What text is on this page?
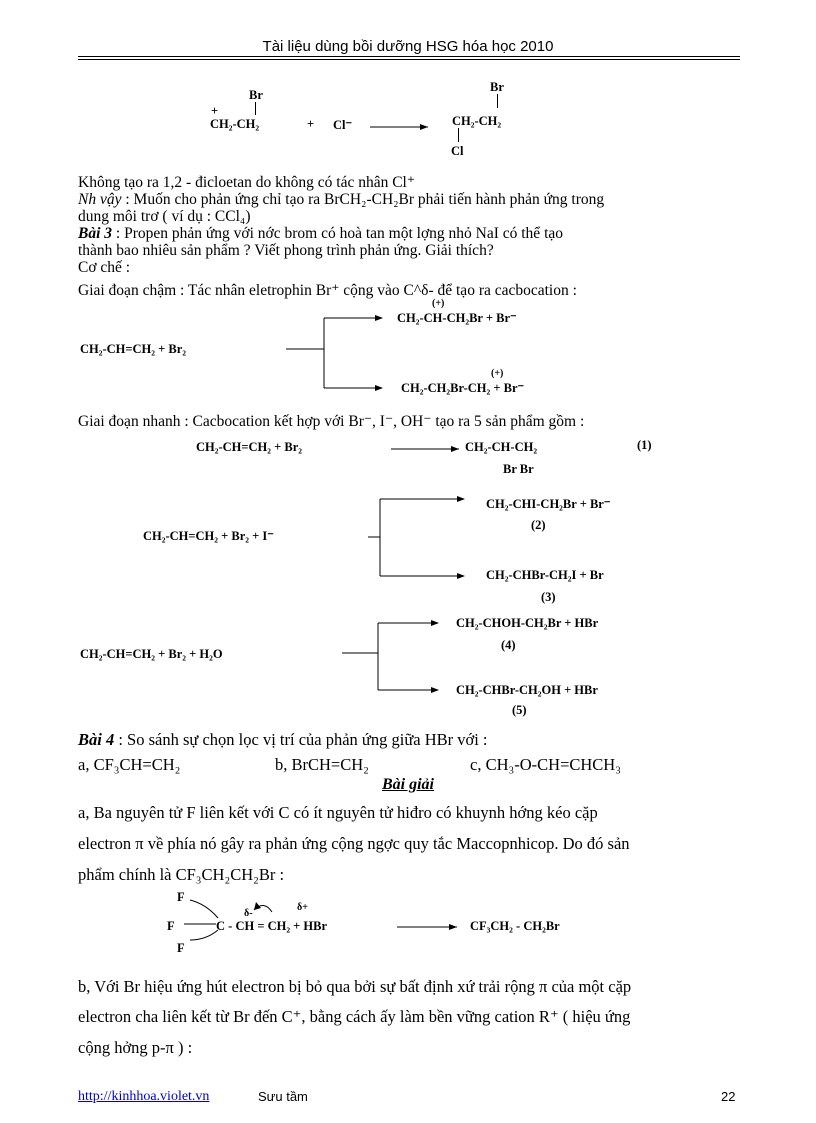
Tài liệu dùng bồi dưỡng HSG hóa học 2010
Br
+
CH₂-CH₂	+ Cl⁻
Br
CH₂-CH₂
Cl
Không tạo ra 1,2 - đicloetan do không có tác nhân Cl⁺
Nh vậy : Muốn cho phản ứng chỉ tạo ra BrCH₂-CH₂Br phải tiến hành phản ứng trong
dung môi trơ ( ví dụ : CCl₄)
Bài 3 : Propen phản ứng với nớc brom có hoà tan một lợng nhỏ NaI có thể tạo
thành bao nhiêu sản phẩm ? Viết phong trình phản ứng. Giải thích?
Cơ chế :
Giai đoạn chậm : Tác nhân eletrophin Br⁺ cộng vào C^δ- để tạo ra cacbocation :
CH₂-CH=CH₂ + Br₂
(+)
CH₂-CH-CH₂Br + Br⁻
(+)
CH₂-CH₂Br-CH₂ + Br⁻
Giai đoạn nhanh : Cacbocation kết hợp với Br⁻, I⁻, OH⁻ tạo ra 5 sản phẩm gồm :
CH₂-CH=CH₂ + Br₂	CH₂-CH-CH₂
Br Br
(1)
CH₂-CH=CH₂ + Br₂ + I⁻
CH₂-CHI-CH₂Br + Br⁻
(2)
CH₂-CHBr-CH₂I + Br
(3)
CH₂-CH=CH₂ + Br₂ + H₂O
CH₂-CHOH-CH₂Br + HBr
(4)
CH₂-CHBr-CH₂OH + HBr
(5)
Bài 4 : So sánh sự chọn lọc vị trí của phản ứng giữa HBr với :
a, CF₃CH=CH₂	b, BrCH=CH₂	c, CH₃-O-CH=CHCH₃
Bài giải
a, Ba nguyên tử F liên kết với C có ít nguyên tử hiđro có khuynh hớng kéo cặp
electron π về phía nó gây ra phản ứng cộng ngợc quy tắc Maccopnhicop. Do đó sản
phẩm chính là CF₃CH₂CH₂Br :
F
F
F
δ-
δ+
C - CH = CH₂ + HBr	CF₃CH₂ - CH₂Br
b, Với Br hiệu ứng hút electron bị bỏ qua bởi sự bất định xứ trải rộng π của một cặp
electron cha liên kết từ Br đến C⁺, bằng cách ấy làm bền vững cation R⁺ ( hiệu ứng
cộng hởng p-π ) :
http://kinhhoa.violet.vn	Sưu tầm	22
